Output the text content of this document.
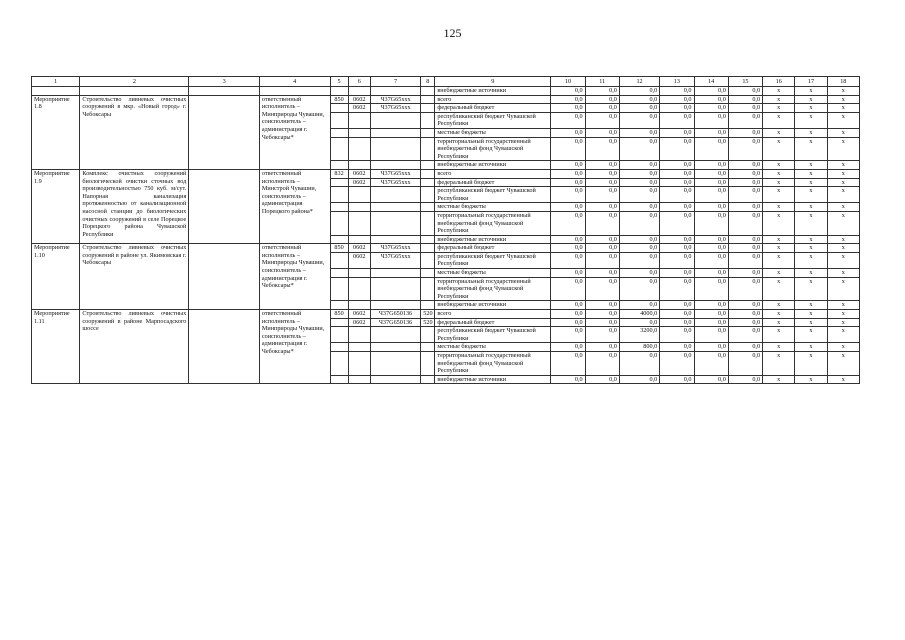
125
1	2	3	4	5	6	7	8	9	10	11	12	13	14	15	16	17	18
								внебюджетные источники	0,0	0,0	0,0	0,0	0,0	0,0	х	х	х
Мероприятие 1.8	Строительство ливневых очистных сооружений в мкр. «Новый город» г. Чебоксары		ответственный исполнитель – Минприроды Чувашии, соисполнитель – администрация г. Чебоксары*	850	0602	Ч37G65ххх		всего	0,0	0,0	0,0	0,0	0,0	0,0	х	х	х
					0602	Ч37G65ххх		федеральный бюджет	0,0	0,0	0,0	0,0	0,0	0,0	х	х	х
								республиканский бюджет Чувашской Республики	0,0	0,0	0,0	0,0	0,0	0,0	х	х	х
								местные бюджеты	0,0	0,0	0,0	0,0	0,0	0,0	х	х	х
								территориальный государственный внебюджетный фонд Чувашской Республики	0,0	0,0	0,0	0,0	0,0	0,0	х	х	х
								внебюджетные источники	0,0	0,0	0,0	0,0	0,0	0,0	х	х	х
Мероприятие 1.9	Комплекс очистных сооружений биологической очистки сточных вод производительностью 750 куб. м/сут. Напорная канализация протяженностью от канализационной насосной станции до биологических очистных сооружений в селе Порецкое Порецкого района Чувашской Республики		ответственный исполнитель – Минстрой Чувашии, соисполнитель – администрация Порецкого района*	832	0602	Ч37G65ххх		всего	0,0	0,0	0,0	0,0	0,0	0,0	х	х	х
					0602	Ч37G65ххх		федеральный бюджет	0,0	0,0	0,0	0,0	0,0	0,0	х	х	х
								республиканский бюджет Чувашской Республики	0,0	0,0	0,0	0,0	0,0	0,0	х	х	х
								местные бюджеты	0,0	0,0	0,0	0,0	0,0	0,0	х	х	х
								территориальный государственный внебюджетный фонд Чувашской Республики	0,0	0,0	0,0	0,0	0,0	0,0	х	х	х
								внебюджетные источники	0,0	0,0	0,0	0,0	0,0	0,0	х	х	х
Мероприятие 1.10	Строительство ливневых очистных сооружений в районе ул. Якимовская г. Чебоксары		ответственный исполнитель – Минприроды Чувашии, соисполнитель – администрация г. Чебоксары*	850	0602	Ч37G65ххх		федеральный бюджет	0,0	0,0	0,0	0,0	0,0	0,0	х	х	х
					0602	Ч37G65ххх		республиканский бюджет Чувашской Республики	0,0	0,0	0,0	0,0	0,0	0,0	х	х	х
								местные бюджеты	0,0	0,0	0,0	0,0	0,0	0,0	х	х	х
								территориальный государственный внебюджетный фонд Чувашской Республики	0,0	0,0	0,0	0,0	0,0	0,0	х	х	х
								внебюджетные источники	0,0	0,0	0,0	0,0	0,0	0,0	х	х	х
Мероприятие 1.11	Строительство ливневых очистных сооружений в районе Марпосадского шоссе		ответственный исполнитель – Минприроды Чувашии, соисполнитель – администрация г. Чебоксары*	850	0602	Ч37G650136	520	всего	0,0	0,0	4000,0	0,0	0,0	0,0	х	х	х
					0602	Ч37G650136	520	федеральный бюджет	0,0	0,0	0,0	0,0	0,0	0,0	х	х	х
								республиканский бюджет Чувашской Республики	0,0	0,0	3200,0	0,0	0,0	0,0	х	х	х
								местные бюджеты	0,0	0,0	800,0	0,0	0,0	0,0	х	х	х
								территориальный государственный внебюджетный фонд Чувашской Республики	0,0	0,0	0,0	0,0	0,0	0,0	х	х	х
								внебюджетные источники	0,0	0,0	0,0	0,0	0,0	0,0	х	х	х
